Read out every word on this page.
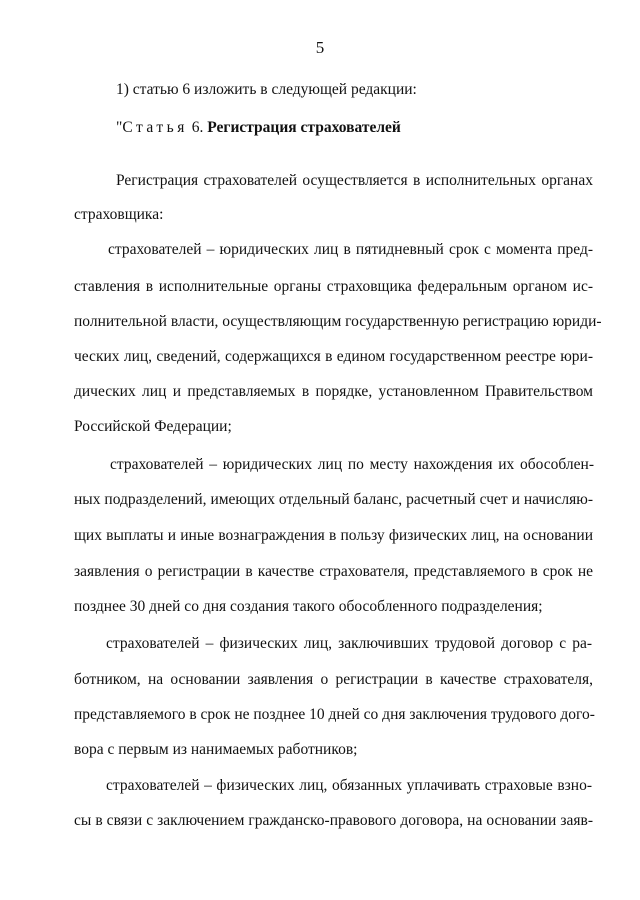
5
1) статью 6 изложить в следующей редакции:
"Статья 6. Регистрация страхователей
Регистрация страхователей осуществляется в исполнительных органах
страховщика:
страхователей – юридических лиц в пятидневный срок с момента пред-
ставления в исполнительные органы страховщика федеральным органом ис-
полнительной власти, осуществляющим государственную регистрацию юриди-
ческих лиц, сведений, содержащихся в едином государственном реестре юри-
дических лиц и представляемых в порядке, установленном Правительством
Российской Федерации;
страхователей – юридических лиц по месту нахождения их обособлен-
ных подразделений, имеющих отдельный баланс, расчетный счет и начисляю-
щих выплаты и иные вознаграждения в пользу физических лиц, на основании
заявления о регистрации в качестве страхователя, представляемого в срок не
позднее 30 дней со дня создания такого обособленного подразделения;
страхователей – физических лиц, заключивших трудовой договор с ра-
ботником, на основании заявления о регистрации в качестве страхователя,
представляемого в срок не позднее 10 дней со дня заключения трудового дого-
вора с первым из нанимаемых работников;
страхователей – физических лиц, обязанных уплачивать страховые взно-
сы в связи с заключением гражданско-правового договора, на основании заяв-
